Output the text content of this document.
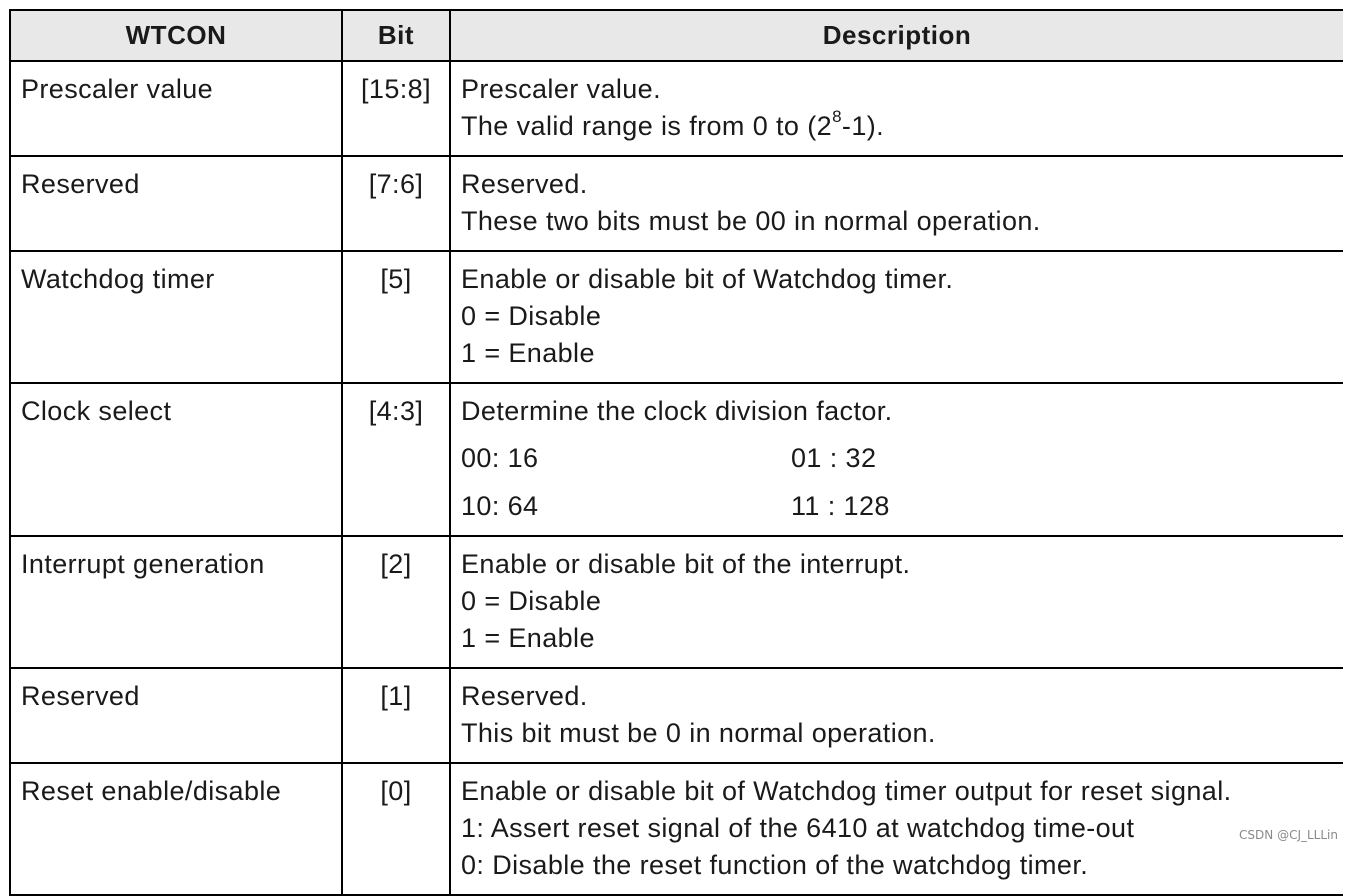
WTCON	Bit	Description
Prescaler value	[15:8]	Prescaler value.
The valid range is from 0 to $(2^8-1)$.

Reserved	[7:6]	Reserved.
These two bits must be 00 in normal operation.

Watchdog timer	[5]	Enable or disable bit of Watchdog timer.
0 = Disable
1 = Enable

Clock select	[4:3]	Determine the clock division factor.
00: 16 01 : 32
10: 64 11 : 128

Interrupt generation	[2]	Enable or disable bit of the interrupt.
0 = Disable
1 = Enable

Reserved	[1]	Reserved.
This bit must be 0 in normal operation.

Reset enable/disable	[0]	Enable or disable bit of Watchdog timer output for reset signal.
1: Assert reset signal of the 6410 at watchdog time-out
0: Disable the reset function of the watchdog timer.
CSDN @CJ_LLLin
